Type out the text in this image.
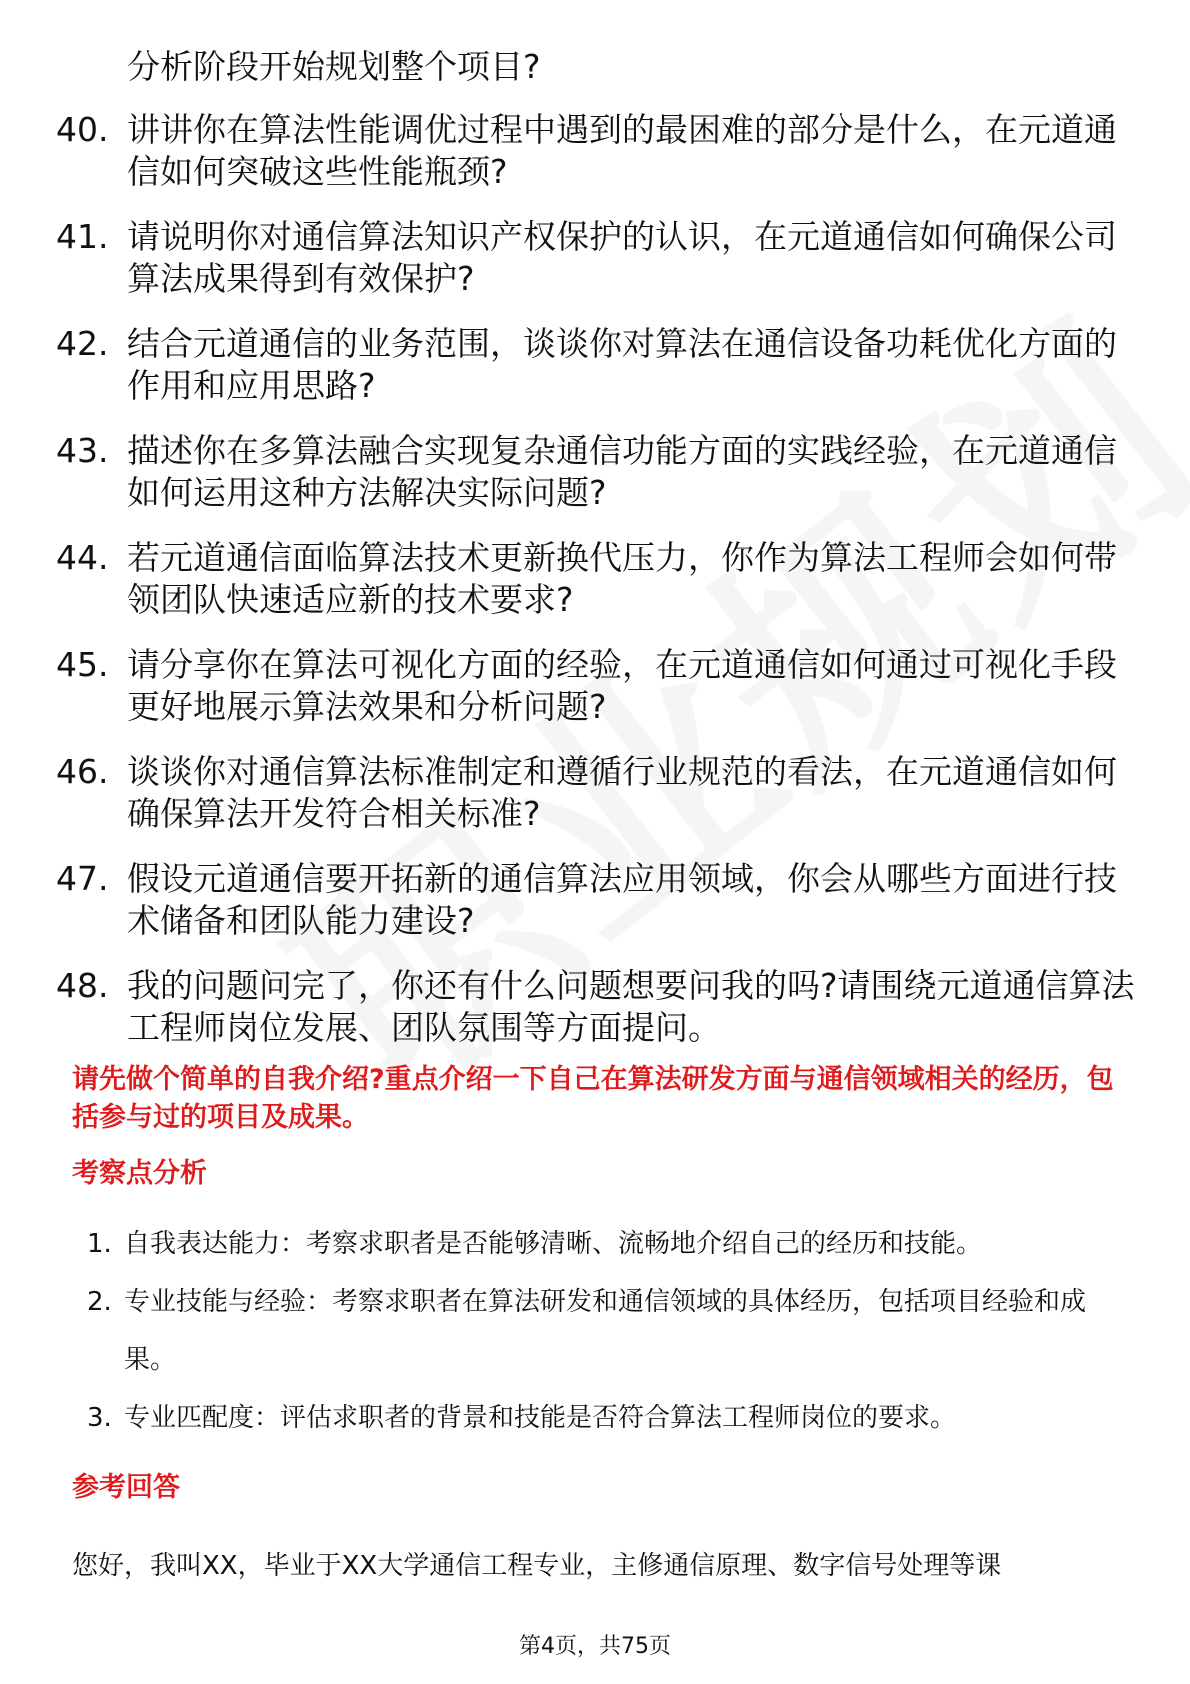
分析阶段开始规划整个项目?
40. 讲讲你在算法性能调优过程中遇到的最困难的部分是什么，在元道通信如何突破这些性能瓶颈?
41. 请说明你对通信算法知识产权保护的认识，在元道通信如何确保公司算法成果得到有效保护?
42. 结合元道通信的业务范围，谈谈你对算法在通信设备功耗优化方面的作用和应用思路?
43. 描述你在多算法融合实现复杂通信功能方面的实践经验，在元道通信如何运用这种方法解决实际问题?
44. 若元道通信面临算法技术更新换代压力，你作为算法工程师会如何带领团队快速适应新的技术要求?
45. 请分享你在算法可视化方面的经验，在元道通信如何通过可视化手段更好地展示算法效果和分析问题?
46. 谈谈你对通信算法标准制定和遵循行业规范的看法，在元道通信如何确保算法开发符合相关标准?
47. 假设元道通信要开拓新的通信算法应用领域，你会从哪些方面进行技术储备和团队能力建设?
48. 我的问题问完了，你还有什么问题想要问我的吗?请围绕元道通信算法工程师岗位发展、团队氛围等方面提问。
请先做个简单的自我介绍?重点介绍一下自己在算法研发方面与通信领域相关的经历，包括参与过的项目及成果。
考察点分析
1. 自我表达能力：考察求职者是否能够清晰、流畅地介绍自己的经历和技能。
2. 专业技能与经验：考察求职者在算法研发和通信领域的具体经历，包括项目经验和成果。
3. 专业匹配度：评估求职者的背景和技能是否符合算法工程师岗位的要求。
参考回答
您好，我叫XX，毕业于XX大学通信工程专业，主修通信原理、数字信号处理等课
第4页，共75页
